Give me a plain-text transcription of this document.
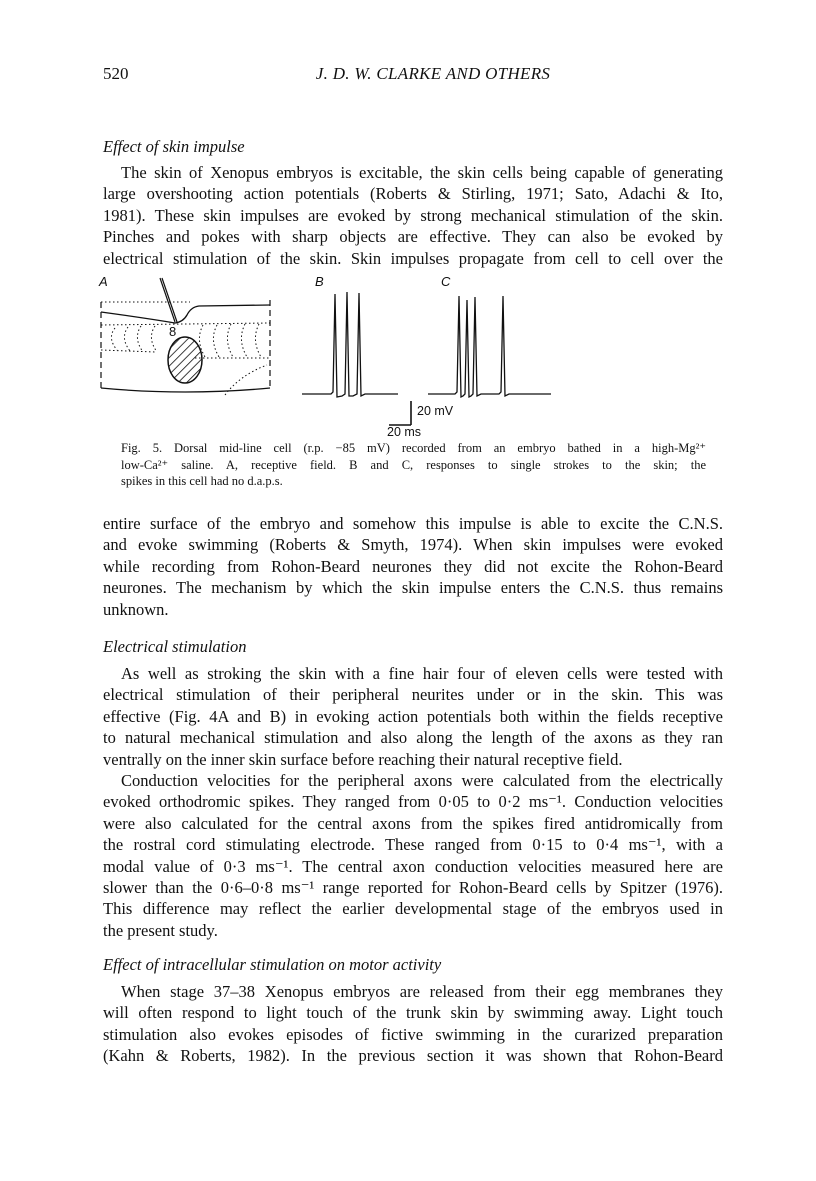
520	J. D. W. CLARKE AND OTHERS
Effect of skin impulse
The skin of Xenopus embryos is excitable, the skin cells being capable of generating
large overshooting action potentials (Roberts & Stirling, 1971; Sato, Adachi & Ito,
1981). These skin impulses are evoked by strong mechanical stimulation of the skin.
Pinches and pokes with sharp objects are effective. They can also be evoked by
electrical stimulation of the skin. Skin impulses propagate from cell to cell over the
A	B	C
8
20 mV
20 ms
Fig. 5. Dorsal mid-line cell (r.p. −85 mV) recorded from an embryo bathed in a high-Mg²⁺
low-Ca²⁺ saline. A, receptive field. B and C, responses to single strokes to the skin; the
spikes in this cell had no d.a.p.s.
entire surface of the embryo and somehow this impulse is able to excite the C.N.S.
and evoke swimming (Roberts & Smyth, 1974). When skin impulses were evoked
while recording from Rohon-Beard neurones they did not excite the Rohon-Beard
neurones. The mechanism by which the skin impulse enters the C.N.S. thus remains
unknown.
Electrical stimulation
As well as stroking the skin with a fine hair four of eleven cells were tested with
electrical stimulation of their peripheral neurites under or in the skin. This was
effective (Fig. 4A and B) in evoking action potentials both within the fields receptive
to natural mechanical stimulation and also along the length of the axons as they ran
ventrally on the inner skin surface before reaching their natural receptive field.
Conduction velocities for the peripheral axons were calculated from the electrically
evoked orthodromic spikes. They ranged from 0·05 to 0·2 ms⁻¹. Conduction velocities
were also calculated for the central axons from the spikes fired antidromically from
the rostral cord stimulating electrode. These ranged from 0·15 to 0·4 ms⁻¹, with a
modal value of 0·3 ms⁻¹. The central axon conduction velocities measured here are
slower than the 0·6–0·8 ms⁻¹ range reported for Rohon-Beard cells by Spitzer (1976).
This difference may reflect the earlier developmental stage of the embryos used in
the present study.
Effect of intracellular stimulation on motor activity
When stage 37–38 Xenopus embryos are released from their egg membranes they
will often respond to light touch of the trunk skin by swimming away. Light touch
stimulation also evokes episodes of fictive swimming in the curarized preparation
(Kahn & Roberts, 1982). In the previous section it was shown that Rohon-Beard
